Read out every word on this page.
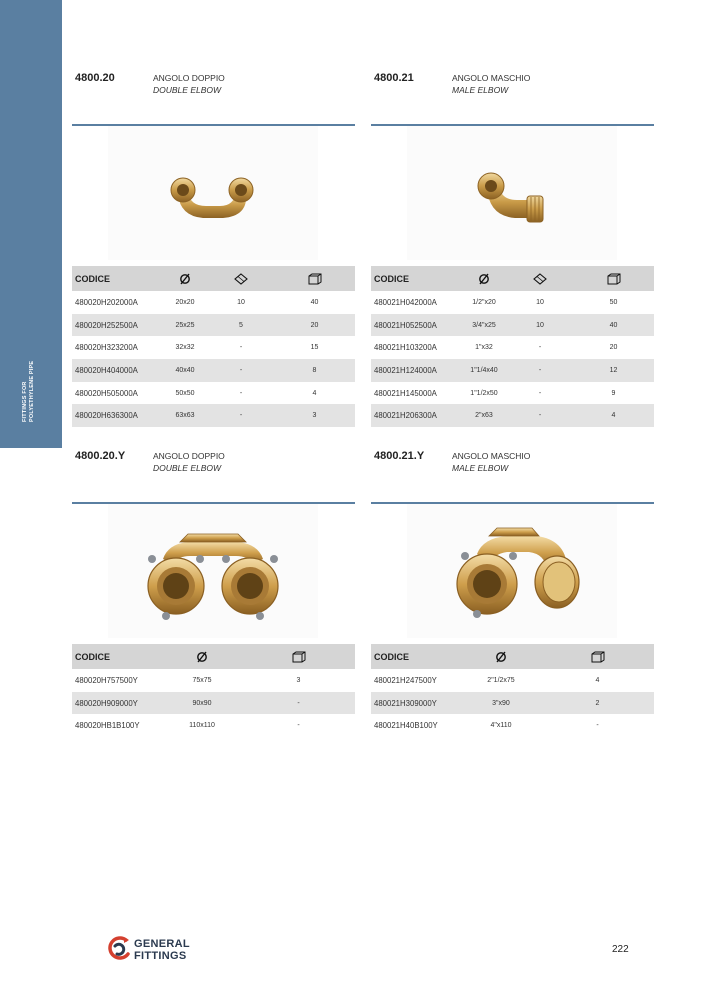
FITTINGS FOR POLYETHYLENE PIPE
4800.20	ANGOLO DOPPIO
DOUBLE ELBOW
CODICE			
480020H202000A	20x20	10	40
480020H252500A	25x25	5	20
480020H323200A	32x32	-	15
480020H404000A	40x40	-	8
480020H505000A	50x50	-	4
480020H636300A	63x63	-	3
4800.21	ANGOLO MASCHIO
MALE ELBOW
CODICE			
480021H042000A	1/2"x20	10	50
480021H052500A	3/4"x25	10	40
480021H103200A	1"x32	-	20
480021H124000A	1"1/4x40	-	12
480021H145000A	1"1/2x50	-	9
480021H206300A	2"x63	-	4
4800.20.Y	ANGOLO DOPPIO
DOUBLE ELBOW
CODICE		
480020H757500Y	75x75	3
480020H909000Y	90x90	-
480020HB1B100Y	110x110	-
4800.21.Y	ANGOLO MASCHIO
MALE ELBOW
CODICE		
480021H247500Y	2"1/2x75	4
480021H309000Y	3"x90	2
480021H40B100Y	4"x110	-
GENERAL
FITTINGS
222
